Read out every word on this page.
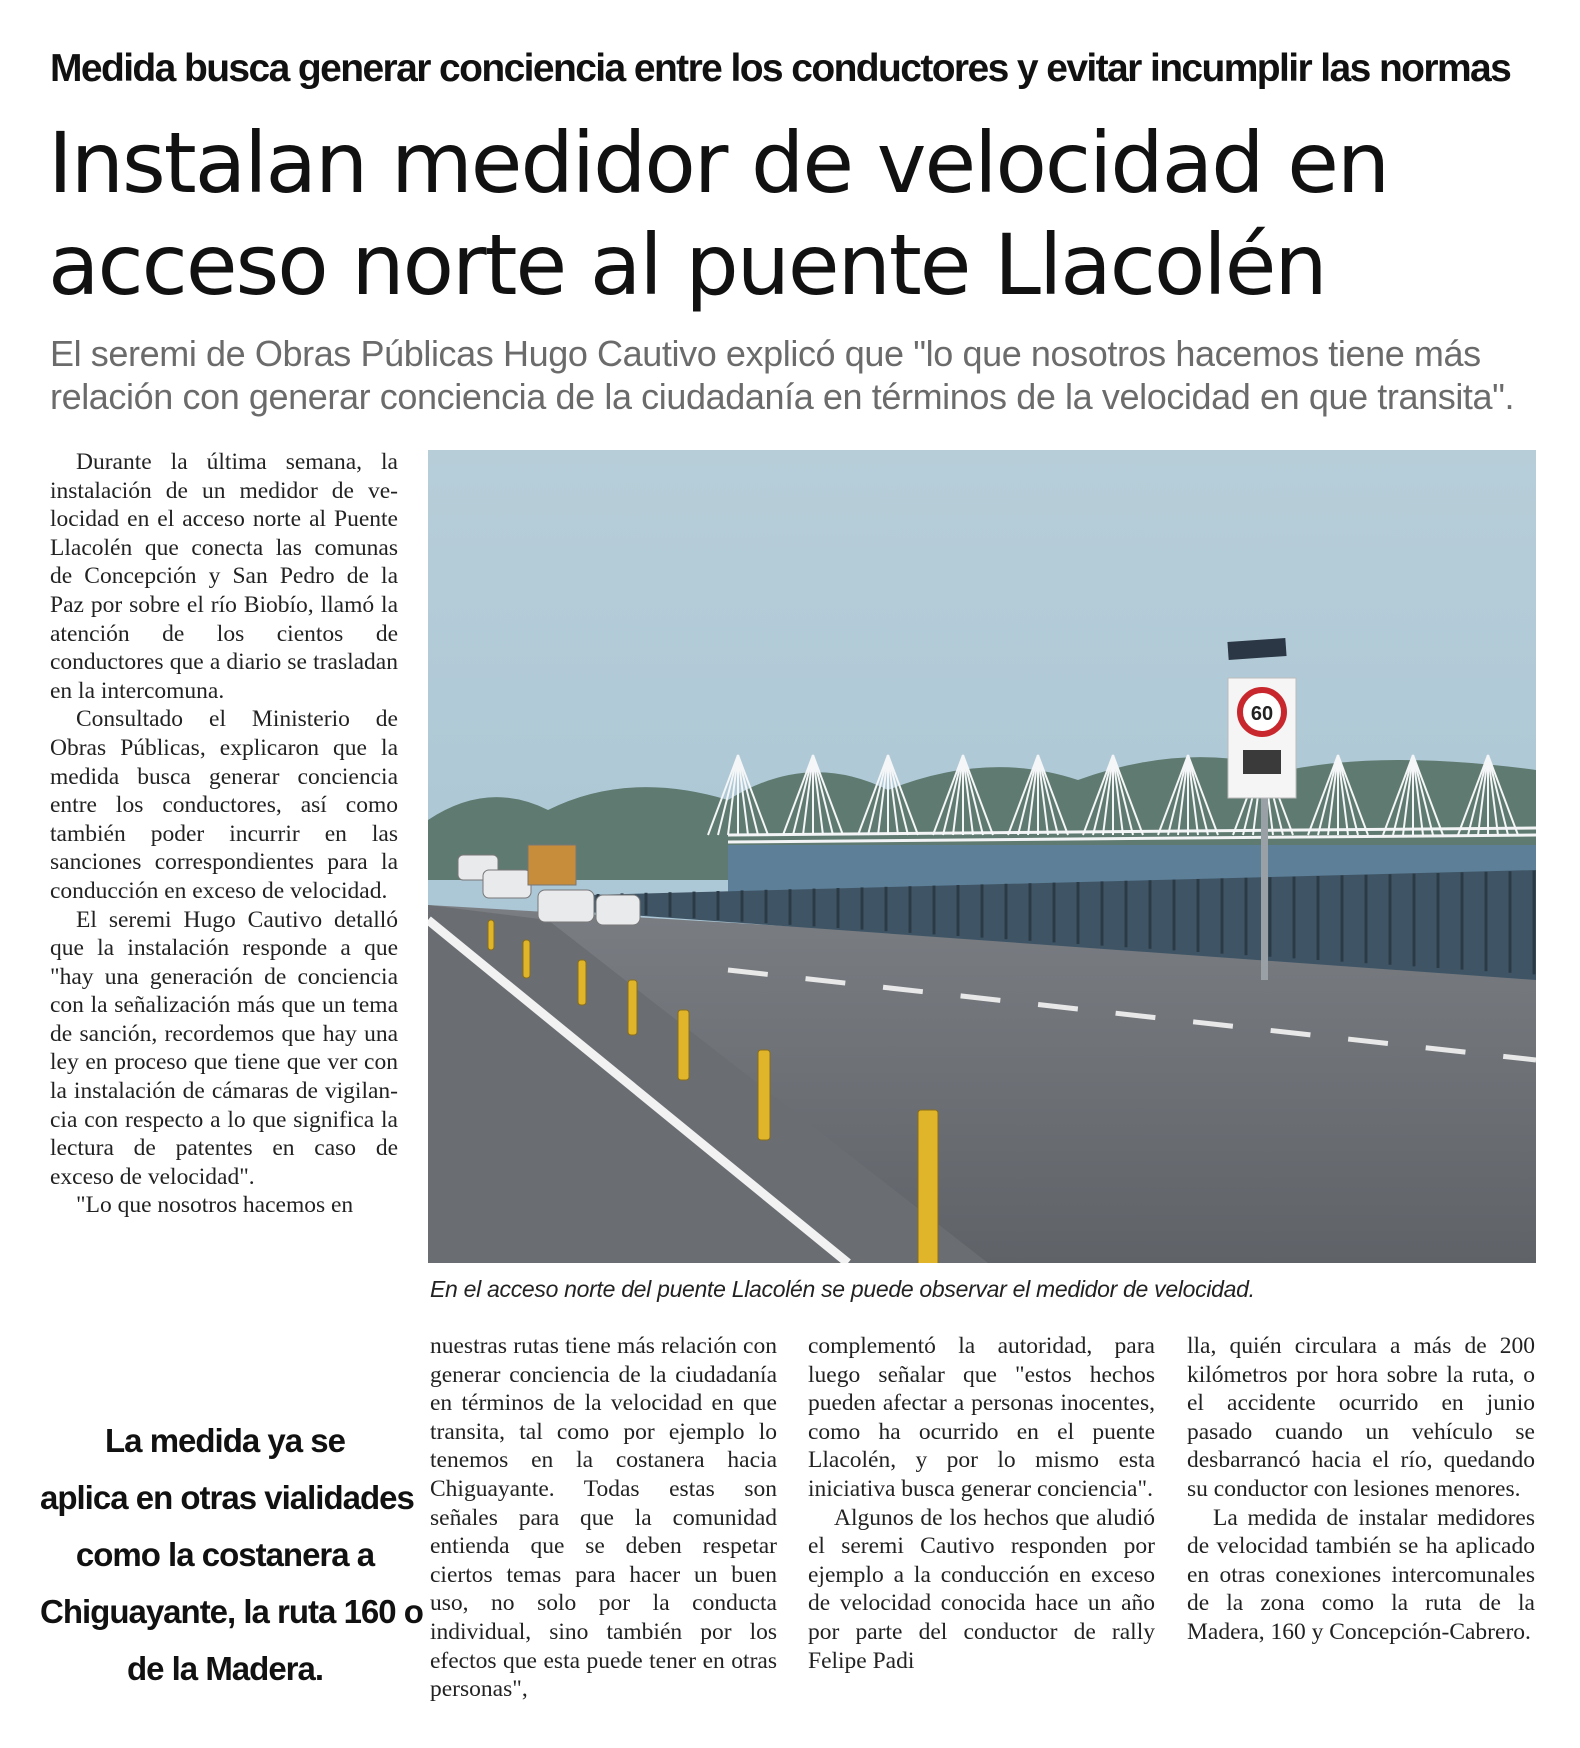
Medida busca generar conciencia entre los conductores y evitar incumplir las normas
Instalan medidor de velocidad en
acceso norte al puente Llacolén
El seremi de Obras Públicas Hugo Cautivo explicó que "lo que nosotros hacemos tiene más
relación con generar conciencia de la ciudadanía en términos de la velocidad en que transita".

Durante la última semana, la instalación de un medidor de velocidad en el acceso norte al Puente Llacolén que conecta las comunas de Concepción y San Pedro de la Paz por sobre el río Biobío, llamó la atención de los cientos de conductores que a diario se trasladan en la intercomuna.

Consultado el Ministerio de Obras Públicas, explicaron que la medida busca generar conciencia entre los conductores, así como también poder incurrir en las sanciones correspondientes para la conducción en exceso de velocidad.

El seremi Hugo Cautivo detalló que la instalación responde a que "hay una generación de conciencia con la señalización más que un tema de sanción, recordemos que hay una ley en proceso que tiene que ver con la instalación de cámaras de vigilancia con respecto a lo que significa la lectura de patentes en caso de exceso de velocidad".

"Lo que nosotros hacemos en

60
En el acceso norte del puente Llacolén se puede observar el medidor de velocidad.
La medida ya se
aplica en otras vialidades
como la costanera a
Chiguayante, la ruta 160 o
de la Madera.

nuestras rutas tiene más relación con generar conciencia de la ciudadanía en términos de la velocidad en que transita, tal como por ejemplo lo tenemos en la costanera hacia Chiguayante. Todas estas son señales para que la comunidad entienda que se deben respetar ciertos temas para hacer un buen uso, no solo por la conducta individual, sino también por los efectos que esta puede tener en otras personas",

complementó la autoridad, para luego señalar que "estos hechos pueden afectar a personas inocentes, como ha ocurrido en el puente Llacolén, y por lo mismo esta iniciativa busca generar conciencia".

Algunos de los hechos que aludió el seremi Cautivo responden por ejemplo a la conducción en exceso de velocidad conocida hace un año por parte del conductor de rally Felipe Padi

lla, quién circulara a más de 200 kilómetros por hora sobre la ruta, o el accidente ocurrido en junio pasado cuando un vehículo se desbarrancó hacia el río, quedando su conductor con lesiones menores.

La medida de instalar medidores de velocidad también se ha aplicado en otras conexiones intercomunales de la zona como la ruta de la Madera, 160 y Concepción-Cabrero.
